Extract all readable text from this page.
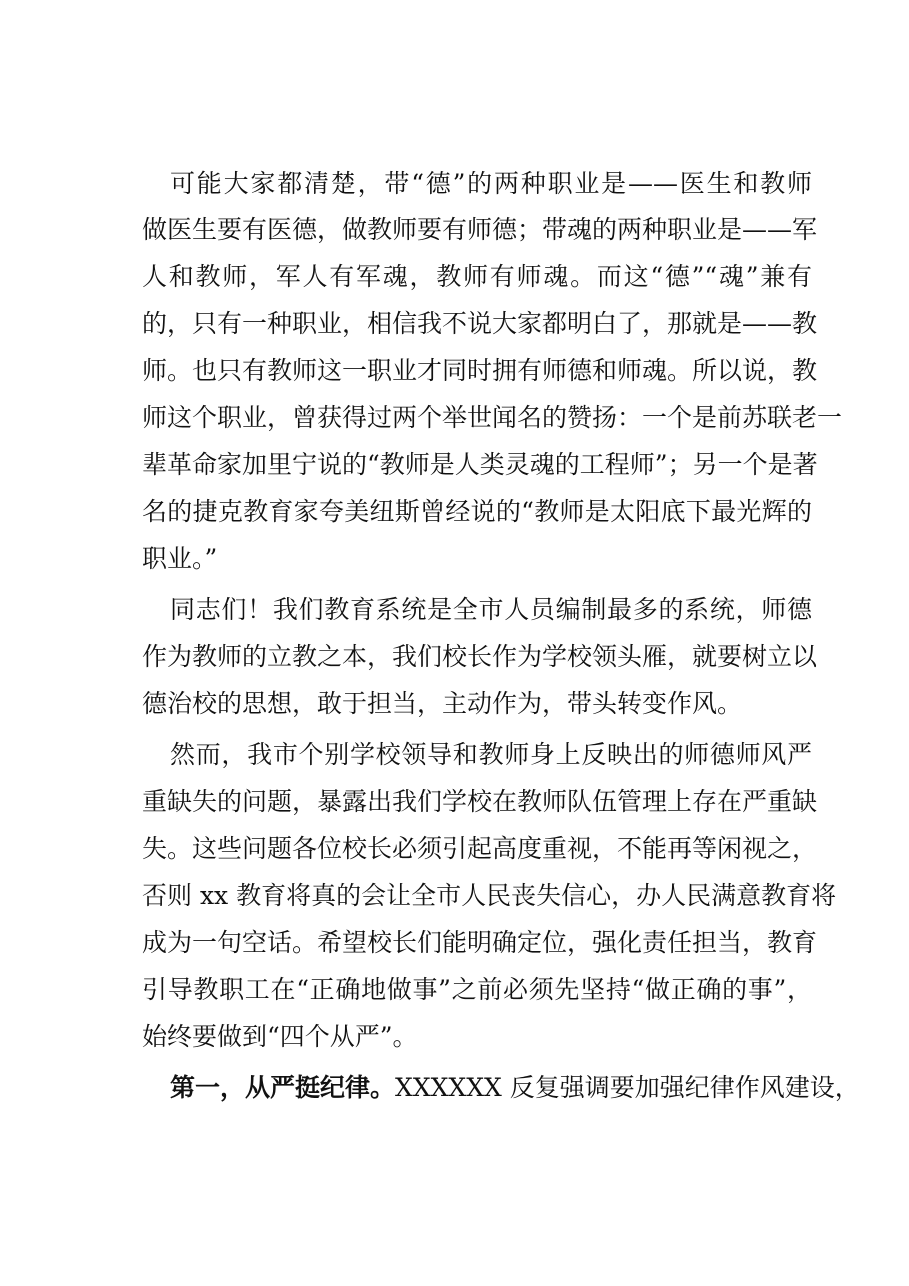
可能大家都清楚，带“德”的两种职业是——医生和教师
做医生要有医德，做教师要有师德；带魂的两种职业是——军
人和教师，军人有军魂，教师有师魂。而这“德”“魂”兼有
的，只有一种职业，相信我不说大家都明白了，那就是——教
师。也只有教师这一职业才同时拥有师德和师魂。所以说，教
师这个职业，曾获得过两个举世闻名的赞扬：一个是前苏联老一
辈革命家加里宁说的“教师是人类灵魂的工程师”；另一个是著
名的捷克教育家夸美纽斯曾经说的“教师是太阳底下最光辉的
职业。”
同志们！我们教育系统是全市人员编制最多的系统，师德
作为教师的立教之本，我们校长作为学校领头雁，就要树立以
德治校的思想，敢于担当，主动作为，带头转变作风。
然而，我市个别学校领导和教师身上反映出的师德师风严
重缺失的问题，暴露出我们学校在教师队伍管理上存在严重缺
失。这些问题各位校长必须引起高度重视，不能再等闲视之，
否则 xx 教育将真的会让全市人民丧失信心，办人民满意教育将
成为一句空话。希望校长们能明确定位，强化责任担当，教育
引导教职工在“正确地做事”之前必须先坚持“做正确的事”，
始终要做到“四个从严”。
第一，从严挺纪律。XXXXXX 反复强调要加强纪律作风建设，
